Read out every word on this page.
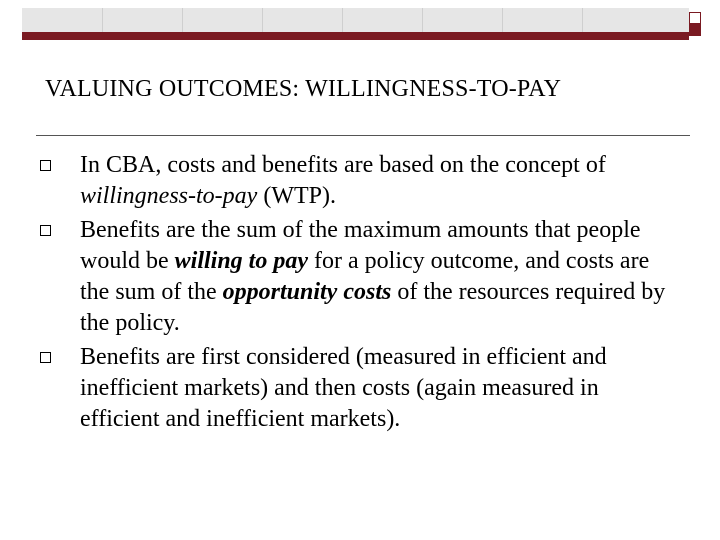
VALUING OUTCOMES: WILLINGNESS-TO-PAY
In CBA, costs and benefits are based on the concept of willingness-to-pay (WTP).
Benefits are the sum of the maximum amounts that people would be willing to pay for a policy outcome, and costs are the sum of the opportunity costs of the resources required by the policy.
Benefits are first considered (measured in efficient and inefficient markets) and then costs (again measured in efficient and inefficient markets).
